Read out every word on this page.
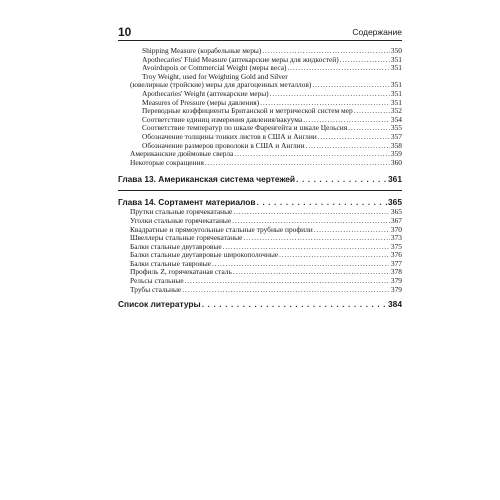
10	Содержание
Shipping Measure (корабельные меры) . . .	350
Apothecaries' Fluid Measure (аптекарские меры для жидкостей) . . .	351
Avoirdupois or Commercial Weight (меры веса) . . .	351
Troy Weight, used for Weighting Gold and Silver
(ювелирные (тройские) меры для драгоценных металлов) . . .	351
Apothecaries' Weight (аптекарские меры) . . .	351
Measures of Pressure (меры давления) . . .	351
Переводные коэффициенты Британской и метрической систем мер . . .	352
Соответствие единиц измерения давления/вакуума . . .	354
Соответствие температур по шкале Фаренгейта и шкале Цельсия . . .	355
Обозначение толщины тонких листов в США и Англии . . .	357
Обозначение размеров проволоки в США и Англии . . .	358
Американские дюймовые сверла . . .	359
Некоторые сокращения . . .	360
Глава 13. Американская система чертежей . . .	361
Глава 14. Сортамент материалов . . .	365
Прутки стальные горячекатаные . . .	365
Уголки стальные горячекатаные . . .	367
Квадратные и прямоугольные стальные трубные профили . . .	370
Швеллеры стальные горячекатаные . . .	373
Балки стальные двутавровые . . .	375
Балки стальные двутавровые широкополочные . . .	376
Балки стальные тавровые . . .	377
Профиль Z, горячекатаная сталь . . .	378
Рельсы стальные . . .	379
Трубы стальные . . .	379
Список литературы . . .	384
